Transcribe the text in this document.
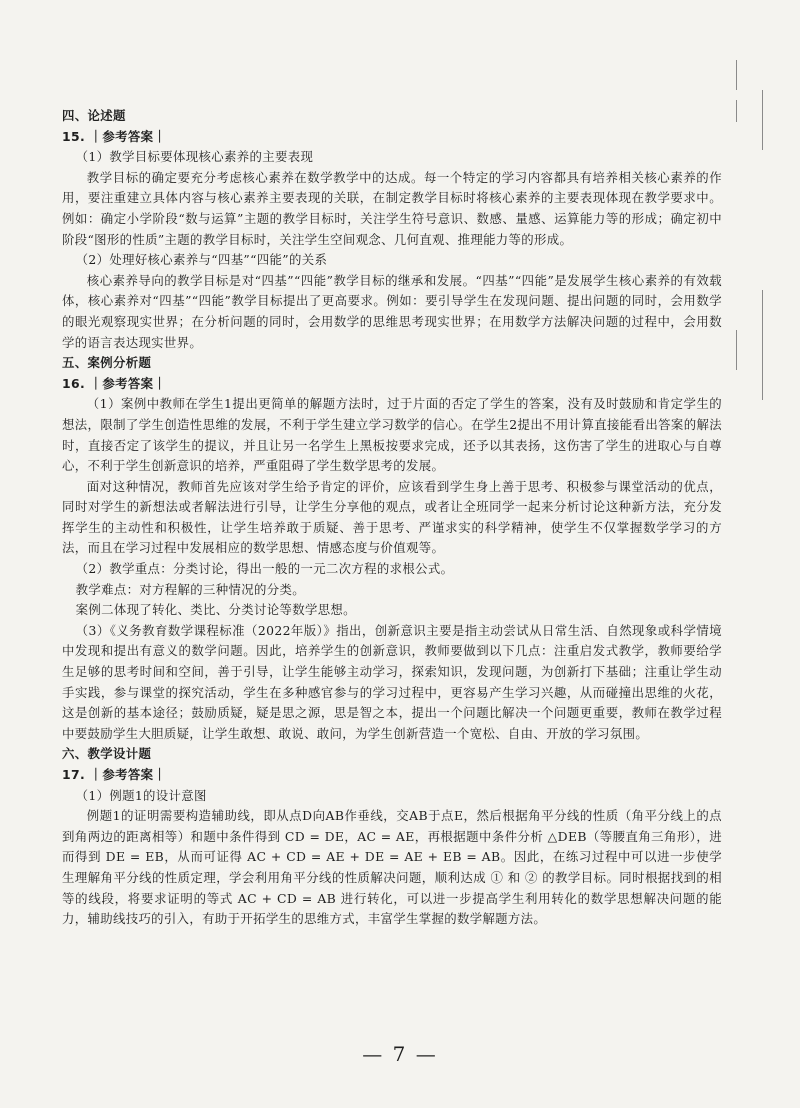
四、论述题

15. ｜参考答案｜

（1）教学目标要体现核心素养的主要表现

教学目标的确定要充分考虑核心素养在数学教学中的达成。每一个特定的学习内容都具有培养相关核心素养的作用，要注重建立具体内容与核心素养主要表现的关联，在制定教学目标时将核心素养的主要表现体现在教学要求中。例如：确定小学阶段“数与运算”主题的教学目标时，关注学生符号意识、数感、量感、运算能力等的形成；确定初中阶段“图形的性质”主题的教学目标时，关注学生空间观念、几何直观、推理能力等的形成。

（2）处理好核心素养与“四基”“四能”的关系

核心素养导向的教学目标是对“四基”“四能”教学目标的继承和发展。“四基”“四能”是发展学生核心素养的有效载体，核心素养对“四基”“四能”教学目标提出了更高要求。例如：要引导学生在发现问题、提出问题的同时，会用数学的眼光观察现实世界；在分析问题的同时，会用数学的思维思考现实世界；在用数学方法解决问题的过程中，会用数学的语言表达现实世界。

五、案例分析题

16. ｜参考答案｜

（1）案例中教师在学生1提出更简单的解题方法时，过于片面的否定了学生的答案，没有及时鼓励和肯定学生的想法，限制了学生创造性思维的发展，不利于学生建立学习数学的信心。在学生2提出不用计算直接能看出答案的解法时，直接否定了该学生的提议，并且让另一名学生上黑板按要求完成，还予以其表扬，这伤害了学生的进取心与自尊心，不利于学生创新意识的培养，严重阻碍了学生数学思考的发展。

面对这种情况，教师首先应该对学生给予肯定的评价，应该看到学生身上善于思考、积极参与课堂活动的优点，同时对学生的新想法或者解法进行引导，让学生分享他的观点，或者让全班同学一起来分析讨论这种新方法，充分发挥学生的主动性和积极性，让学生培养敢于质疑、善于思考、严谨求实的科学精神，使学生不仅掌握数学学习的方法，而且在学习过程中发展相应的数学思想、情感态度与价值观等。

（2）教学重点：分类讨论，得出一般的一元二次方程的求根公式。

教学难点：对方程解的三种情况的分类。

案例二体现了转化、类比、分类讨论等数学思想。

（3）《义务教育数学课程标准（2022年版）》指出，创新意识主要是指主动尝试从日常生活、自然现象或科学情境中发现和提出有意义的数学问题。因此，培养学生的创新意识，教师要做到以下几点：注重启发式教学，教师要给学生足够的思考时间和空间，善于引导，让学生能够主动学习，探索知识，发现问题，为创新打下基础；注重让学生动手实践，参与课堂的探究活动，学生在多种感官参与的学习过程中，更容易产生学习兴趣，从而碰撞出思维的火花，这是创新的基本途径；鼓励质疑，疑是思之源，思是智之本，提出一个问题比解决一个问题更重要，教师在教学过程中要鼓励学生大胆质疑，让学生敢想、敢说、敢问，为学生创新营造一个宽松、自由、开放的学习氛围。

六、教学设计题

17. ｜参考答案｜

（1）例题1的设计意图

例题1的证明需要构造辅助线，即从点D向AB作垂线，交AB于点E，然后根据角平分线的性质（角平分线上的点到角两边的距离相等）和题中条件得到 CD = DE，AC = AE，再根据题中条件分析 △DEB（等腰直角三角形），进而得到 DE = EB，从而可证得 AC + CD = AE + DE = AE + EB = AB。因此，在练习过程中可以进一步使学生理解角平分线的性质定理，学会利用角平分线的性质解决问题，顺利达成 ① 和 ② 的教学目标。同时根据找到的相等的线段，将要求证明的等式 AC + CD = AB 进行转化，可以进一步提高学生利用转化的数学思想解决问题的能力，辅助线技巧的引入，有助于开拓学生的思维方式，丰富学生掌握的数学解题方法。

— 7 —
